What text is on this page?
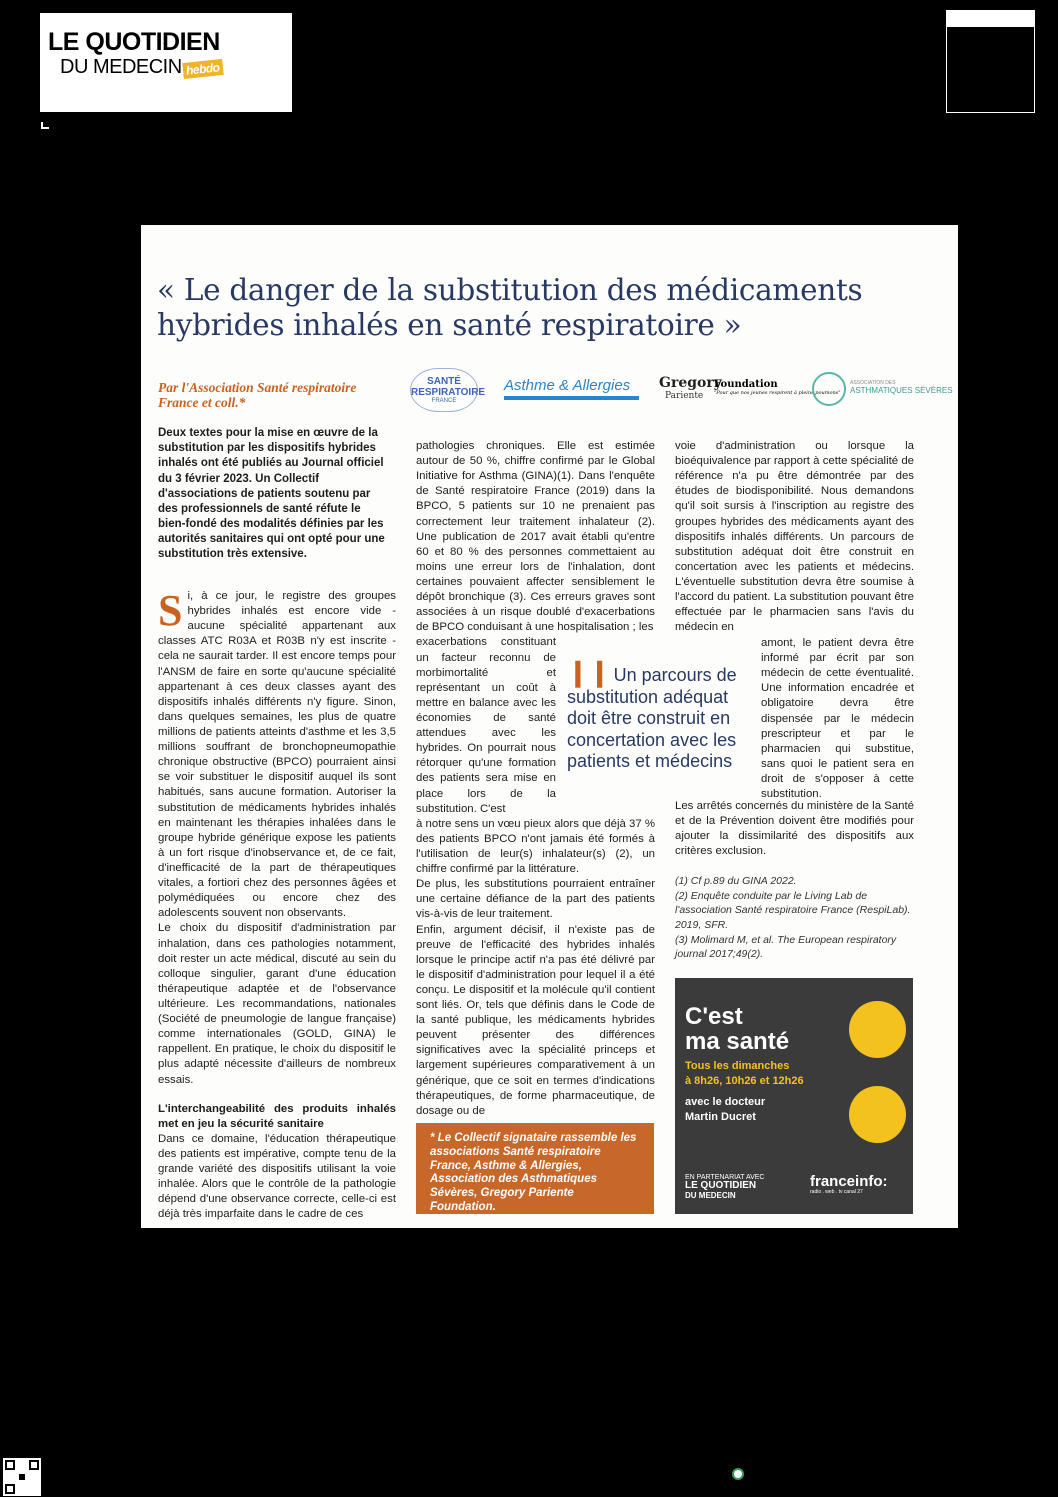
LE QUOTIDIEN
DU MEDECIN hebdo
« Le danger de la substitution des médicaments hybrides inhalés en santé respiratoire »
Par l'Association Santé respiratoire France et coll.*
SANTÉ RESPIRATOIRE
FRANCE
Asthme & Allergies	Gregory
Pariente
Foundation
"Pour que nos jeunes respirent à pleins poumons"
ASSOCIATION DES
ASTHMATIQUES SÉVÈRES
Deux textes pour la mise en œuvre de la substitution par les dispositifs hybrides inhalés ont été publiés au Journal officiel du 3 février 2023. Un Collectif d'associations de patients soutenu par des professionnels de santé réfute le bien-fondé des modalités définies par les autorités sanitaires qui ont opté pour une substitution très extensive.

Si, à ce jour, le registre des groupes hybrides inhalés est encore vide - aucune spécialité appartenant aux classes ATC R03A et R03B n'y est inscrite - cela ne saurait tarder. Il est encore temps pour l'ANSM de faire en sorte qu'aucune spécialité appartenant à ces deux classes ayant des dispositifs inhalés différents n'y figure. Sinon, dans quelques semaines, les plus de quatre millions de patients atteints d'asthme et les 3,5 millions souffrant de bronchopneumopathie chronique obstructive (BPCO) pourraient ainsi se voir substituer le dispositif auquel ils sont habitués, sans aucune formation. Autoriser la substitution de médicaments hybrides inhalés en maintenant les thérapies inhalées dans le groupe hybride générique expose les patients à un fort risque d'inobservance et, de ce fait, d'inefficacité de la part de thérapeutiques vitales, a fortiori chez des personnes âgées et polymédiquées ou encore chez des adolescents souvent non observants.

Le choix du dispositif d'administration par inhalation, dans ces pathologies notamment, doit rester un acte médical, discuté au sein du colloque singulier, garant d'une éducation thérapeutique adaptée et de l'observance ultérieure. Les recommandations, nationales (Société de pneumologie de langue française) comme internationales (GOLD, GINA) le rappellent. En pratique, le choix du dispositif le plus adapté nécessite d'ailleurs de nombreux essais.

L'interchangeabilité des produits inhalés met en jeu la sécurité sanitaire

Dans ce domaine, l'éducation thérapeutique des patients est impérative, compte tenu de la grande variété des dispositifs utilisant la voie inhalée. Alors que le contrôle de la pathologie dépend d'une observance correcte, celle-ci est déjà très imparfaite dans le cadre de ces

pathologies chroniques. Elle est estimée autour de 50 %, chiffre confirmé par le Global Initiative for Asthma (GINA)(1). Dans l'enquête de Santé respiratoire France (2019) dans la BPCO, 5 patients sur 10 ne prenaient pas correctement leur traitement inhalateur (2). Une publication de 2017 avait établi qu'entre 60 et 80 % des personnes commettaient au moins une erreur lors de l'inhalation, dont certaines pouvaient affecter sensiblement le dépôt bronchique (3). Ces erreurs graves sont associées à un risque doublé d'exacerbations de BPCO conduisant à une hospitalisation ; les

exacerbations constituant un facteur reconnu de morbimortalité et représentant un coût à mettre en balance avec les économies de santé attendues avec les hybrides. On pourrait nous rétorquer qu'une formation des patients sera mise en place lors de la substitution. C'est

à notre sens un vœu pieux alors que déjà 37 % des patients BPCO n'ont jamais été formés à l'utilisation de leur(s) inhalateur(s) (2), un chiffre confirmé par la littérature.

De plus, les substitutions pourraient entraîner une certaine défiance de la part des patients vis-à-vis de leur traitement.

Enfin, argument décisif, il n'existe pas de preuve de l'efficacité des hybrides inhalés lorsque le principe actif n'a pas été délivré par le dispositif d'administration pour lequel il a été conçu. Le dispositif et la molécule qu'il contient sont liés. Or, tels que définis dans le Code de la santé publique, les médicaments hybrides peuvent présenter des différences significatives avec la spécialité princeps et largement supérieures comparativement à un générique, que ce soit en termes d'indications thérapeutiques, de forme pharmaceutique, de dosage ou de

❙❙ Un parcours de substitution adéquat doit être construit en concertation avec les patients et médecins

voie d'administration ou lorsque la bioéquivalence par rapport à cette spécialité de référence n'a pu être démontrée par des études de biodisponibilité. Nous demandons qu'il soit sursis à l'inscription au registre des groupes hybrides des médicaments ayant des dispositifs inhalés différents. Un parcours de substitution adéquat doit être construit en concertation avec les patients et médecins. L'éventuelle substitution devra être soumise à l'accord du patient. La substitution pouvant être effectuée par le pharmacien sans l'avis du médecin en

amont, le patient devra être informé par écrit par son médecin de cette éventualité. Une information encadrée et obligatoire devra être dispensée par le médecin prescripteur et par le pharmacien qui substitue, sans quoi le patient sera en droit de s'opposer à cette substitution.
Les arrêtés concernés du ministère de la Santé et de la Prévention doivent être modifiés pour ajouter la dissimilarité des dispositifs aux critères exclusion.

(1) Cf p.89 du GINA 2022.

(2) Enquête conduite par le Living Lab de l'association Santé respiratoire France (RespiLab). 2019, SFR.

(3) Molimard M, et al. The European respiratory journal 2017;49(2).

* Le Collectif signataire rassemble les associations Santé respiratoire France, Asthme & Allergies, Association des Asthmatiques Sévères, Gregory Pariente Foundation.
C'est
ma santé
Tous les dimanches
à 8h26, 10h26 et 12h26
avec le docteur
Martin Ducret
EN PARTENARIAT AVEC
LE QUOTIDIEN
DU MEDECIN
franceinfo:
radio . web . tv canal 27
